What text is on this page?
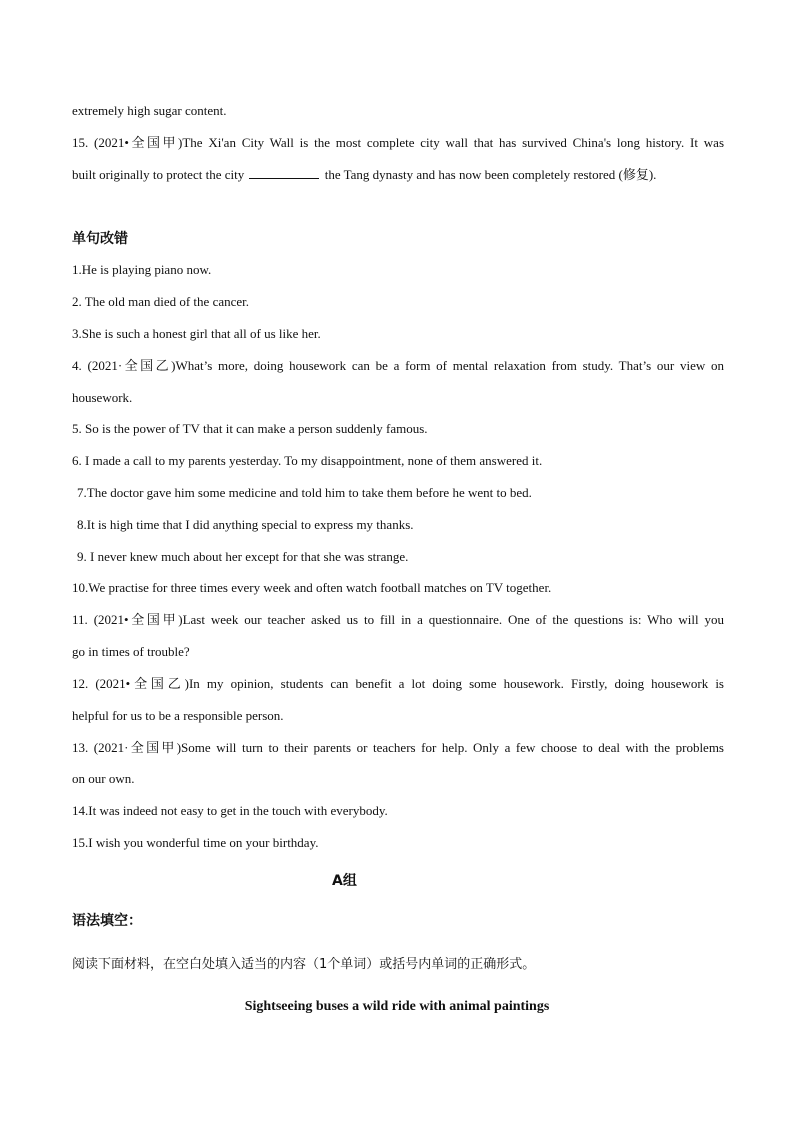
extremely high sugar content.
15. (2021•全国甲)The Xi'an City Wall is the most complete city wall that has survived China's long history. It was
built originally to protect the city	the Tang dynasty and has now been completely restored (修复).
单句改错
1.He is playing piano now.
2. The old man died of the cancer.
3.She is such a honest girl that all of us like her.
4. (2021·全国乙)What’s more, doing housework can be a form of mental relaxation from study. That’s our view on
housework.
5. So is the power of TV that it can make a person suddenly famous.
6. I made a call to my parents yesterday. To my disappointment, none of them answered it.
7.The doctor gave him some medicine and told him to take them before he went to bed.
8.It is high time that I did anything special to express my thanks.
9. I never knew much about her except for that she was strange.
10.We practise for three times every week and often watch football matches on TV together.
11. (2021•全国甲)Last week our teacher asked us to fill in a questionnaire. One of the questions is: Who will you
go in times of trouble?
12. (2021•全国乙)In my opinion, students can benefit a lot doing some housework. Firstly, doing housework is
helpful for us to be a responsible person.
13. (2021·全国甲)Some will turn to their parents or teachers for help. Only a few choose to deal with the problems
on our own.
14.It was indeed not easy to get in the touch with everybody.
15.I wish you wonderful time on your birthday.
A组
语法填空：
阅读下面材料，在空白处填入适当的内容（1个单词）或括号内单词的正确形式。
Sightseeing buses a wild ride with animal paintings
